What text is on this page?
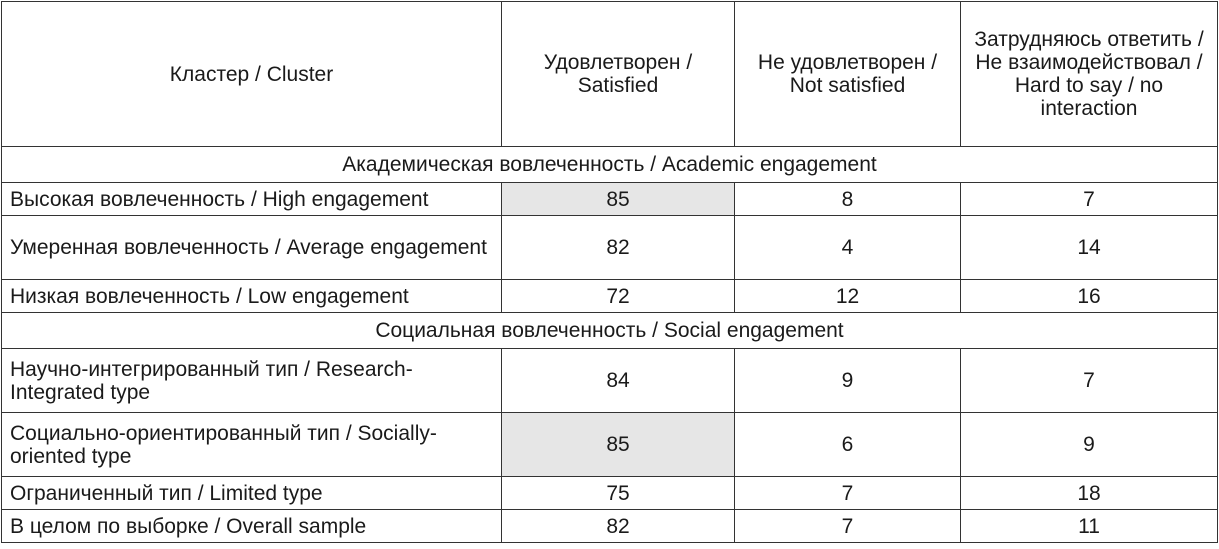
Кластер / Cluster	Удовлетворен / Satisfied	Не удовлетворен / Not satisfied	Затрудняюсь ответить / Не взаимодействовал / Hard to say / no interaction
Академическая вовлеченность / Academic engagement			
Высокая вовлеченность / High engagement	85	8	7
Умеренная вовлеченность / Average engagement	82	4	14
Низкая вовлеченность / Low engagement	72	12	16
Социальная вовлеченность / Social engagement			
Научно-интегрированный тип / Research-Integrated type	84	9	7
Социально-ориентированный тип / Socially-oriented type	85	6	9
Ограниченный тип / Limited type	75	7	18
В целом по выборке / Overall sample	82	7	11
